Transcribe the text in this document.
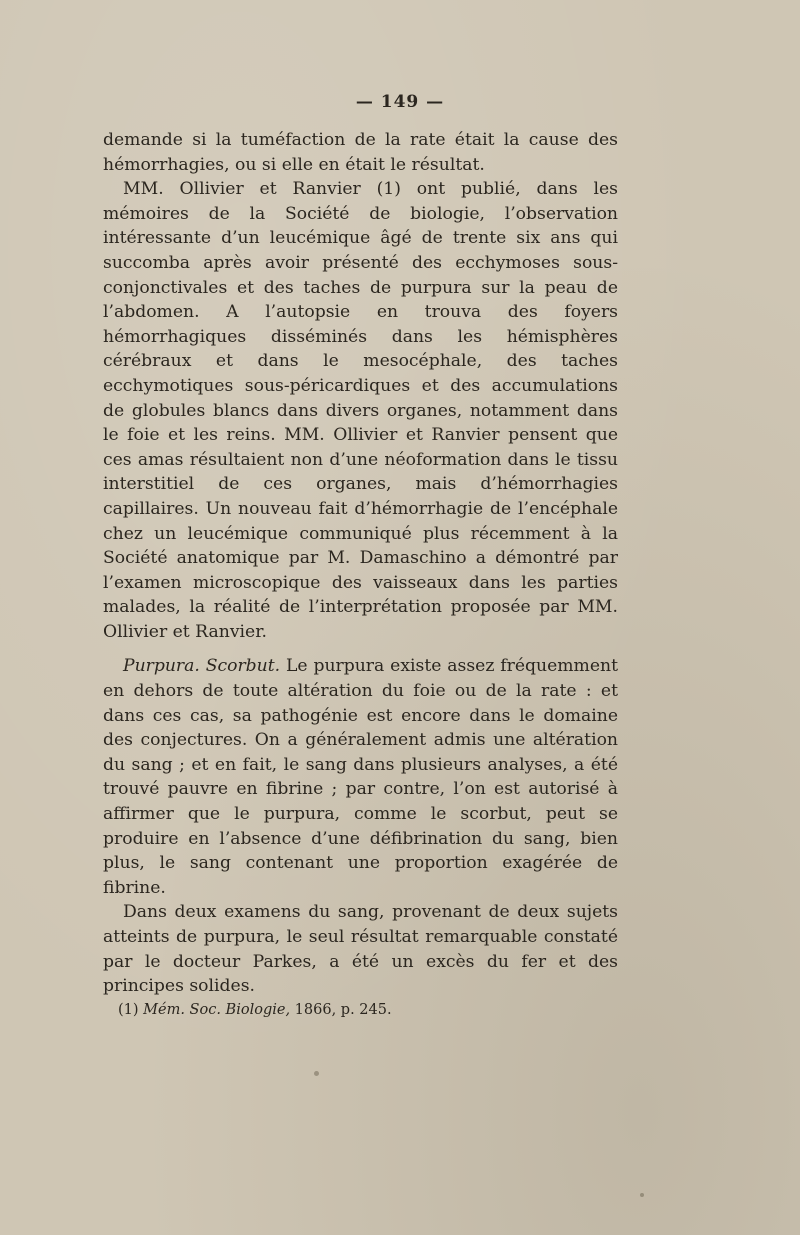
— 149 —

demande si la tuméfaction de la rate était la cause des hémorrhagies, ou si elle en était le résultat.

MM. Ollivier et Ranvier (1) ont publié, dans les mémoires de la Société de biologie, l’observation intéressante d’un leucémique âgé de trente six ans qui succomba après avoir présenté des ecchymoses sous-conjonctivales et des taches de purpura sur la peau de l’abdomen. A l’autopsie en trouva des foyers hémorrhagiques disséminés dans les hémisphères cérébraux et dans le mesocéphale, des taches ecchymotiques sous-péricardiques et des accumulations de globules blancs dans divers organes, notamment dans le foie et les reins. MM. Ollivier et Ranvier pensent que ces amas résultaient non d’une néoformation dans le tissu interstitiel de ces organes, mais d’hémorrhagies capillaires. Un nouveau fait d’hémorrhagie de l’encéphale chez un leucémique communiqué plus récemment à la Société anatomique par M. Damaschino a démontré par l’examen microscopique des vaisseaux dans les parties malades, la réalité de l’interprétation proposée par MM. Ollivier et Ranvier.

Purpura. Scorbut. Le purpura existe assez fréquemment en dehors de toute altération du foie ou de la rate : et dans ces cas, sa pathogénie est encore dans le domaine des conjectures. On a généralement admis une altération du sang ; et en fait, le sang dans plusieurs analyses, a été trouvé pauvre en fibrine ; par contre, l’on est autorisé à affirmer que le purpura, comme le scorbut, peut se produire en l’absence d’une défibrination du sang, bien plus, le sang contenant une proportion exagérée de fibrine.

Dans deux examens du sang, provenant de deux sujets atteints de purpura, le seul résultat remarquable constaté par le docteur Parkes, a été un excès du fer et des principes solides.

(1) Mém. Soc. Biologie, 1866, p. 245.
